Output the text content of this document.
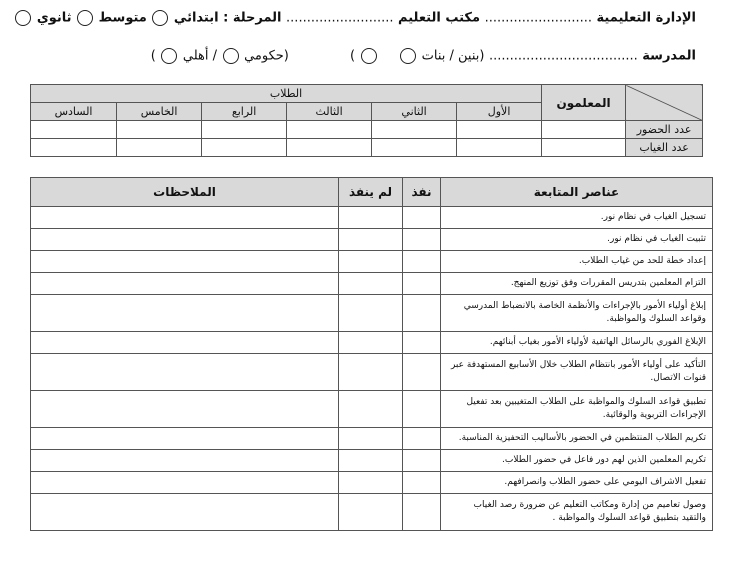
الإدارة التعليمية .......................... مكتب التعليم .......................... المرحلة : ابتدائي  متوسط  ثانوي
المدرسة .................................... (بنين / بنات   )  (حكومي  / أهلي  )
	المعلمون	الطلاب					
		الأول	الثاني	الثالث	الرابع	الخامس	السادس
عدد الحضور							
عدد الغياب							
عناصر المتابعة	نفذ	لم ينفذ	الملاحظات
تسجيل الغياب في نظام نور.			
تثبيت الغياب في نظام نور.			
إعداد خطة للحد من غياب الطلاب.			
التزام المعلمين بتدريس المقررات وفق توزيع المنهج.			
إبلاغ أولياء الأمور بالإجراءات والأنظمة الخاصة بالانضباط المدرسي وقواعد السلوك والمواظبة.			
الإبلاغ الفوري بالرسائل الهاتفية لأولياء الأمور بغياب أبنائهم.			
التأكيد على أولياء الأمور بانتظام الطلاب خلال الأسابيع المستهدفة عبر قنوات الاتصال.			
تطبيق قواعد السلوك والمواظبة على الطلاب المتغيبين بعد تفعيل الإجراءات التربوية والوقائية.			
تكريم الطلاب المنتظمين في الحضور بالأساليب التحفيزية المناسبة.			
تكريم المعلمين الذين لهم دور فاعل في حضور الطلاب.			
تفعيل الاشراف اليومي على حضور الطلاب وانصرافهم.			
وصول تعاميم من إدارة ومكاتب التعليم عن ضرورة رصد الغياب والتقيد بتطبيق قواعد السلوك والمواظبة .			
